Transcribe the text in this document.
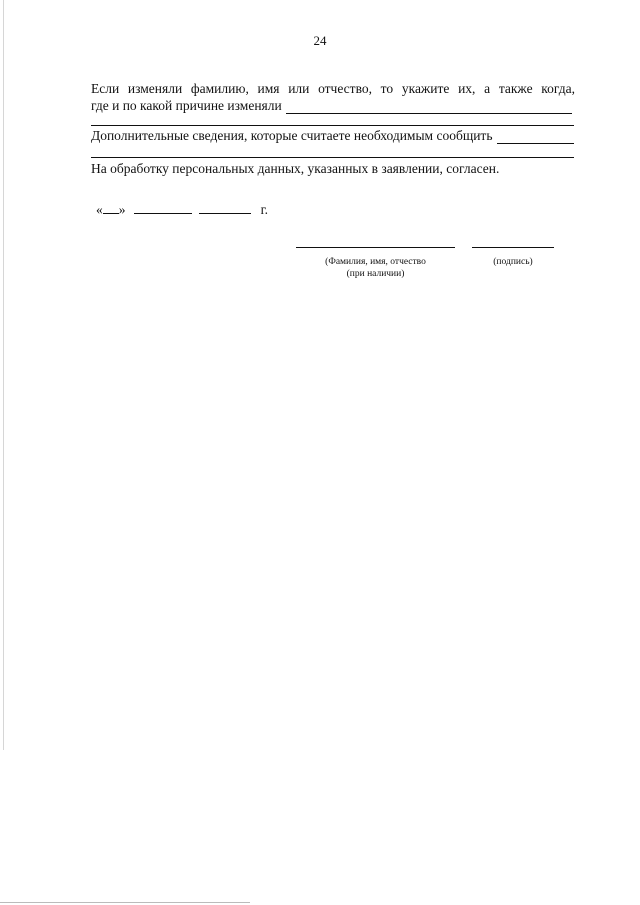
24
Если изменяли фамилию, имя или отчество, то укажите их, а также когда,
где и по какой причине изменяли
Дополнительные сведения, которые считаете необходимым сообщить
На обработку персональных данных, указанных в заявлении, согласен.
« »	г.
(Фамилия, имя, отчество
(при наличии)
(подпись)
